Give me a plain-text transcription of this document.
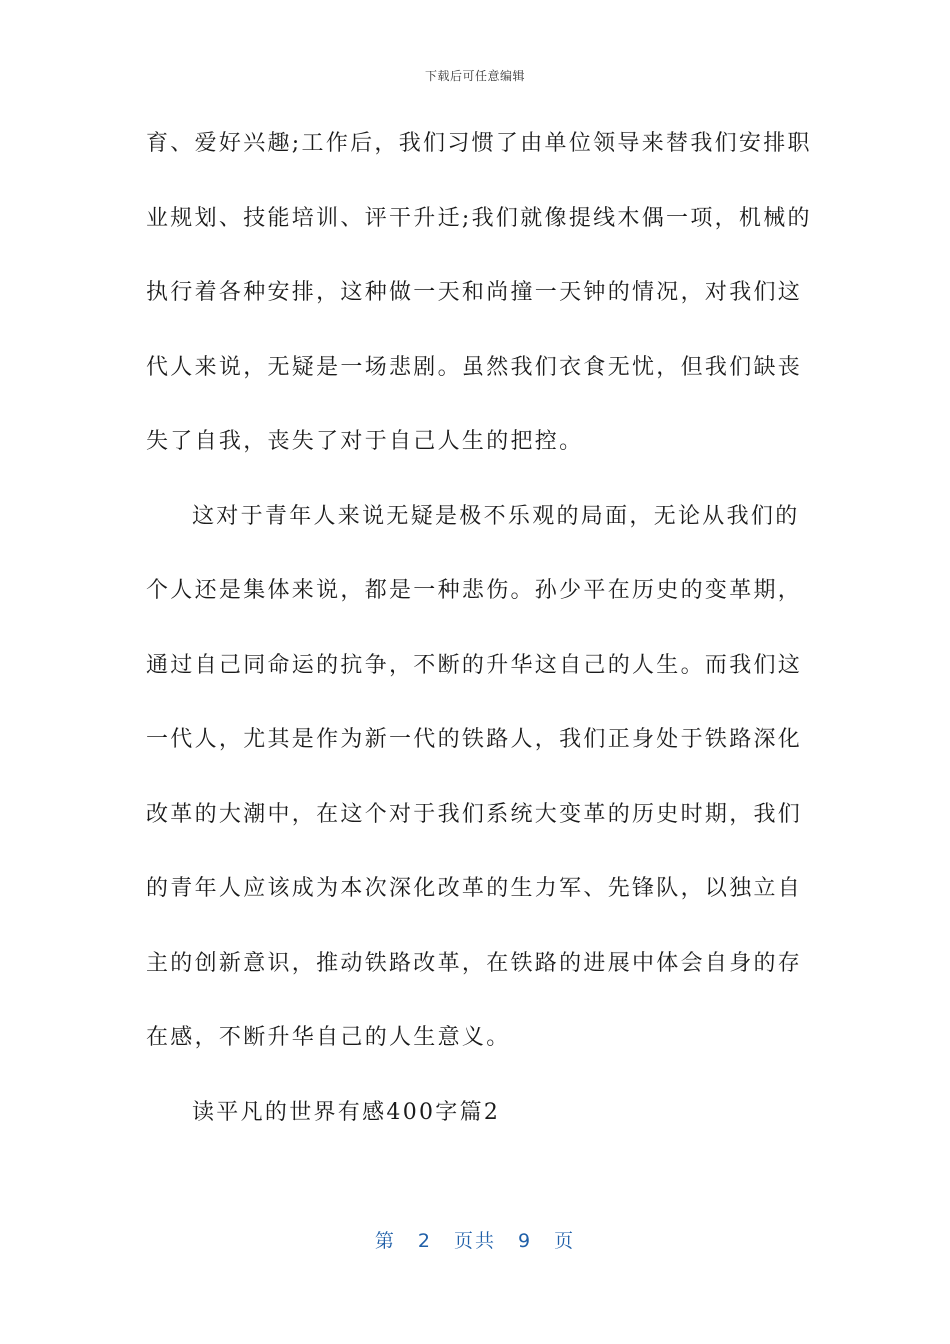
下载后可任意编辑
育、爱好兴趣;工作后，我们习惯了由单位领导来替我们安排职
业规划、技能培训、评干升迁;我们就像提线木偶一项，机械的
执行着各种安排，这种做一天和尚撞一天钟的情况，对我们这
代人来说，无疑是一场悲剧。虽然我们衣食无忧，但我们缺丧
失了自我，丧失了对于自己人生的把控。
这对于青年人来说无疑是极不乐观的局面，无论从我们的
个人还是集体来说，都是一种悲伤。孙少平在历史的变革期，
通过自己同命运的抗争，不断的升华这自己的人生。而我们这
一代人，尤其是作为新一代的铁路人，我们正身处于铁路深化
改革的大潮中，在这个对于我们系统大变革的历史时期，我们
的青年人应该成为本次深化改革的生力军、先锋队，以独立自
主的创新意识，推动铁路改革，在铁路的进展中体会自身的存
在感，不断升华自己的人生意义。
读平凡的世界有感400字篇2
第 2 页共 9 页
